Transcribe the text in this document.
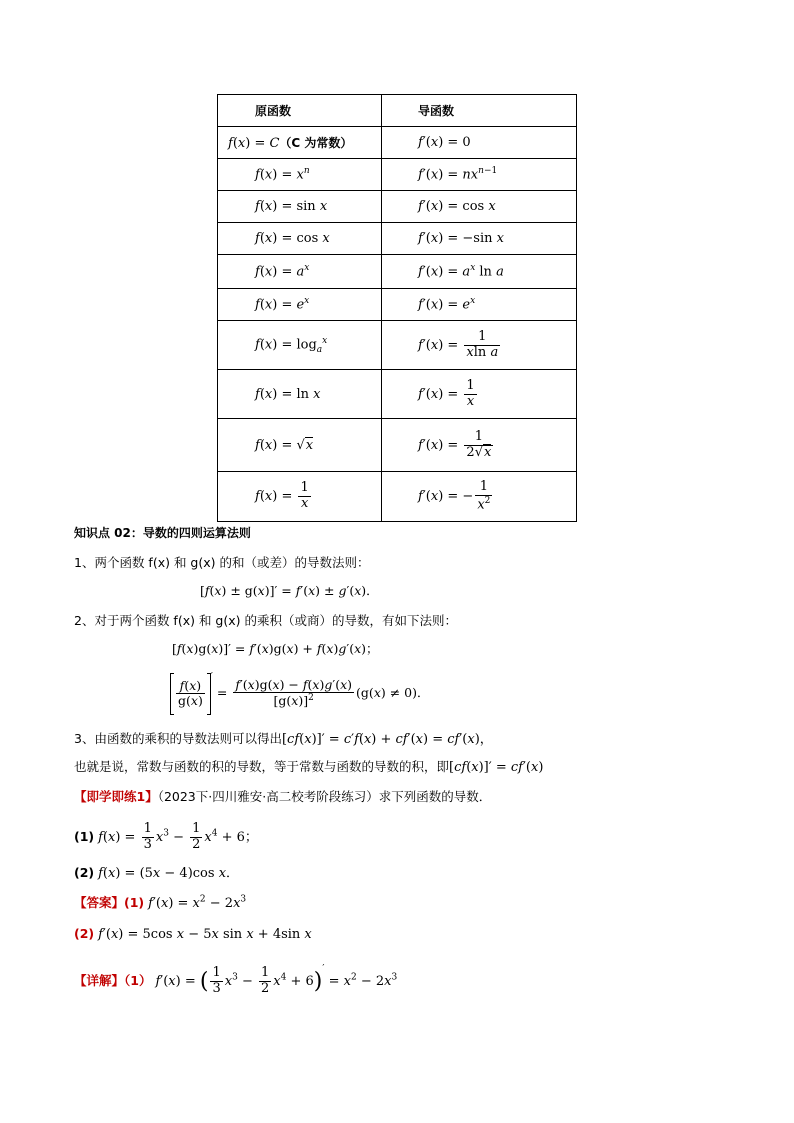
原函数	导函数

f(x) = C（C 为常数）	f′(x) = 0

$f(x) = x^n$	$f'(x) = nx^{n-1}$

f(x) = sin x	f′(x) = cos x

f(x) = cos x	f′(x) = −sin x

$f(x) = a^x$	$f'(x) = a^x$ ln a

$f(x) = e^x$	$f'(x) = e^x$

$f(x) = \log_a^x$	$f'(x) = \frac{1}{\text{xln a}}$

f(x) = ln x	$f'(x) = \frac{1}{x}$

f(x) = √x	$f'(x) = \frac{1}{2√x}$

$f(x) = \frac{1}{x}$	f′(x) = − $\frac{1}{x^2}$
知识点 02：导数的四则运算法则
1、两个函数 f(x) 和 g(x) 的和（或差）的导数法则：
[f(x) ± g(x)]′ = f′(x) ± g′(x)．
2、对于两个函数 f(x) 和 g(x) 的乘积（或商）的导数，有如下法则：
[f(x)g(x)]′ = f′(x)g(x) + f(x)g′(x)；
$\frac{f(x)}{g(x)}$
$' = \frac{f'(x)g(x) - f(x)g'(x)}{[g(x)]^2} (g(x) \ne 0)$．
3、由函数的乘积的导数法则可以得出[cf(x)]′ = c′f(x) + cf′(x) = cf′(x)，
也就是说，常数与函数的积的导数，等于常数与函数的导数的积，即[cf(x)]′ = cf′(x)
【即学即练1】（2023下·四川雅安·高二校考阶段练习）求下列函数的导数．
(1) $f(x) = \frac{1}{3} x^3 - \frac{1}{2} x^4 + 6$；
(2) f(x) = (5x − 4)cos x．
【答案】(1) $f'(x) = x^2 - 2x^3$
(2) f′(x) = 5cos x − 5x sin x + 4sin x
【详解】（1） f′(x) = ( $\frac{1}{3} x^3 - \frac{1}{2} x^4 + 6)' = x^2 - 2x^3$
